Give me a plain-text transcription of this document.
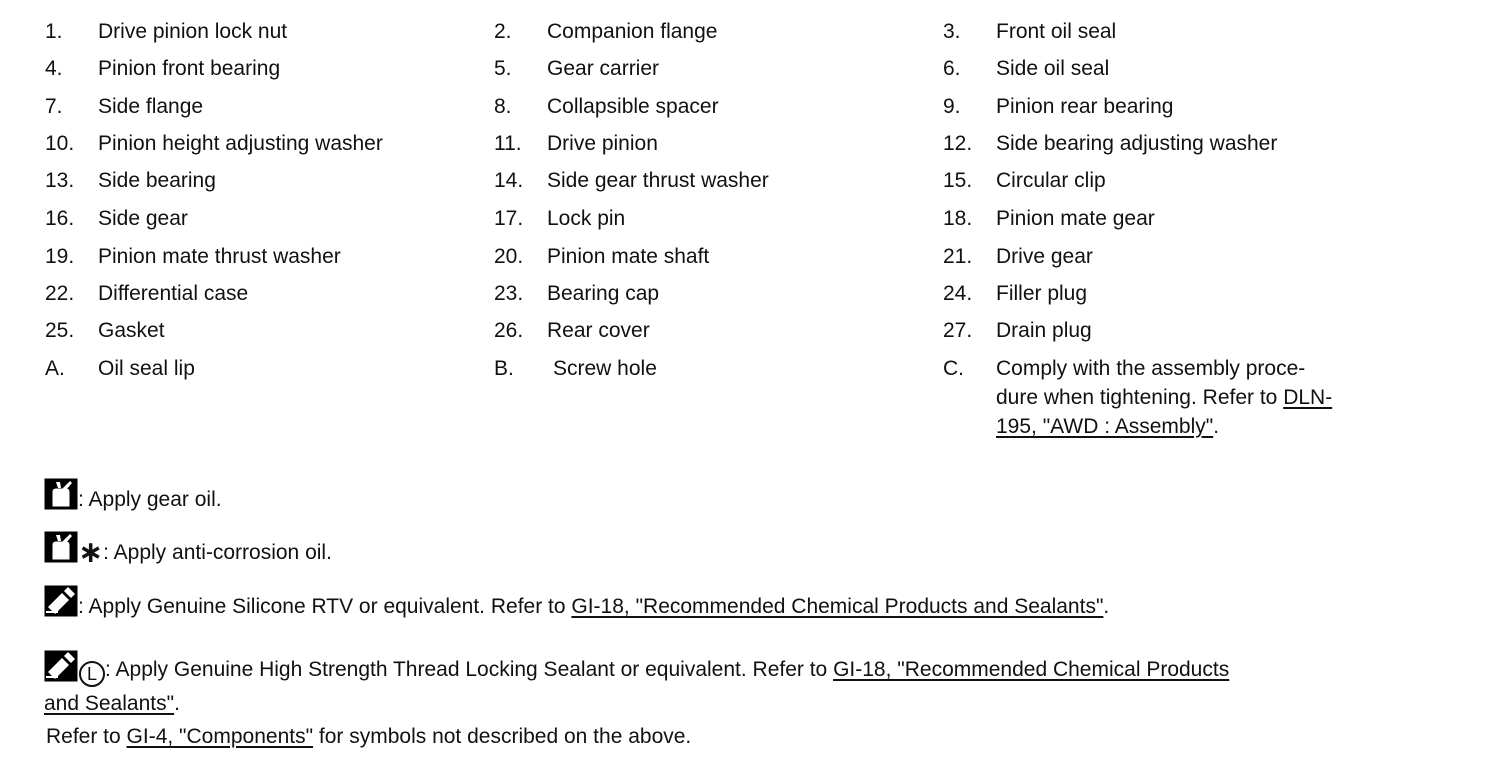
1. Drive pinion lock nut	2. Companion flange	3. Front oil seal
4. Pinion front bearing	5. Gear carrier	6. Side oil seal
7. Side flange	8. Collapsible spacer	9. Pinion rear bearing
10. Pinion height adjusting washer	11. Drive pinion	12. Side bearing adjusting washer
13. Side bearing	14. Side gear thrust washer	15. Circular clip
16. Side gear	17. Lock pin	18. Pinion mate gear
19. Pinion mate thrust washer	20. Pinion mate shaft	21. Drive gear
22. Differential case	23. Bearing cap	24. Filler plug
25. Gasket	26. Rear cover	27. Drain plug
A. Oil seal lip	B. Screw hole	C. Comply with the assembly proce-
dure when tightening. Refer to DLN-
195, "AWD : Assembly".
: Apply gear oil.
∗: Apply anti-corrosion oil.
: Apply Genuine Silicone RTV or equivalent. Refer to GI-18, "Recommended Chemical Products and Sealants".
L : Apply Genuine High Strength Thread Locking Sealant or equivalent. Refer to GI-18, "Recommended Chemical Products
and Sealants".
Refer to GI-4, "Components" for symbols not described on the above.
